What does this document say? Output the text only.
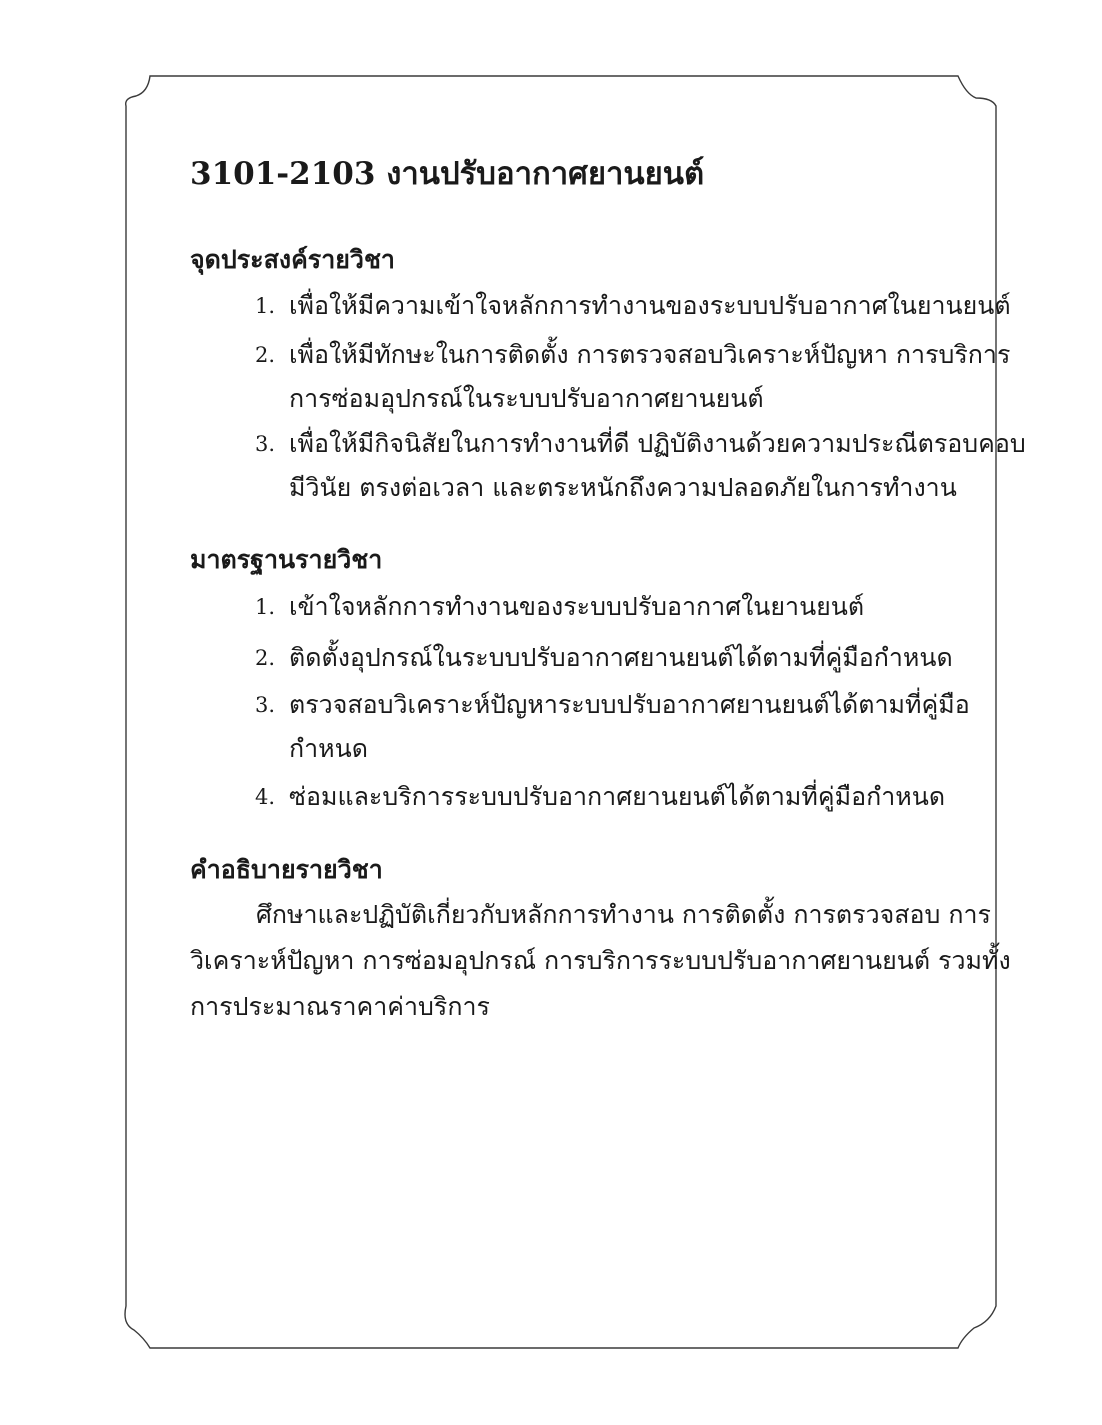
3101-2103 งานปรับอากาศยานยนต์
จุดประสงค์รายวิชา
1. เพื่อให้มีความเข้าใจหลักการทำงานของระบบปรับอากาศในยานยนต์
2. เพื่อให้มีทักษะในการติดตั้ง การตรวจสอบวิเคราะห์ปัญหา การบริการ
การซ่อมอุปกรณ์ในระบบปรับอากาศยานยนต์
3. เพื่อให้มีกิจนิสัยในการทำงานที่ดี ปฏิบัติงานด้วยความประณีตรอบคอบ
มีวินัย ตรงต่อเวลา และตระหนักถึงความปลอดภัยในการทำงาน
มาตรฐานรายวิชา
1. เข้าใจหลักการทำงานของระบบปรับอากาศในยานยนต์
2. ติดตั้งอุปกรณ์ในระบบปรับอากาศยานยนต์ได้ตามที่คู่มือกำหนด
3. ตรวจสอบวิเคราะห์ปัญหาระบบปรับอากาศยานยนต์ได้ตามที่คู่มือ
กำหนด
4. ซ่อมและบริการระบบปรับอากาศยานยนต์ได้ตามที่คู่มือกำหนด
คำอธิบายรายวิชา
ศึกษาและปฏิบัติเกี่ยวกับหลักการทำงาน การติดตั้ง การตรวจสอบ การ
วิเคราะห์ปัญหา การซ่อมอุปกรณ์ การบริการระบบปรับอากาศยานยนต์ รวมทั้ง
การประมาณราคาค่าบริการ
